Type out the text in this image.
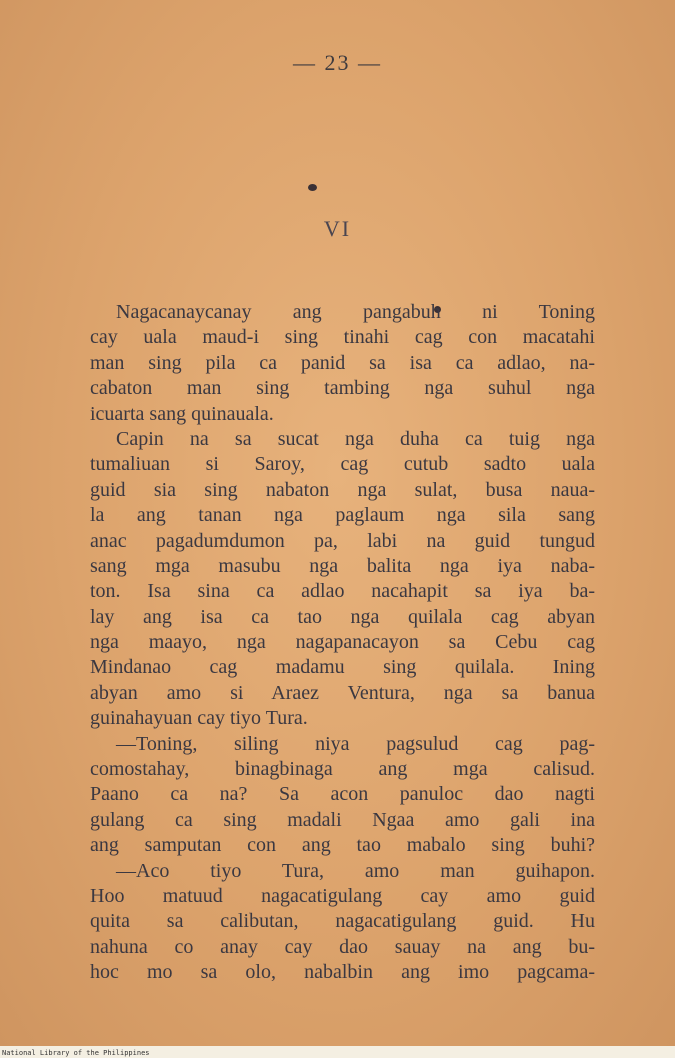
— 23 —
VI
Nagacanaycanay ang pangabuh ni Toning
cay uala maud-i sing tinahi cag con macatahi
man sing pila ca panid sa isa ca adlao, na-
cabaton man sing tambing nga suhul nga
icuarta sang quinauala.
Capin na sa sucat nga duha ca tuig nga
tumaliuan si Saroy, cag cutub sadto uala
guid sia sing nabaton nga sulat, busa naua-
la ang tanan nga paglaum nga sila sang
anac pagadumdumon pa, labi na guid tungud
sang mga masubu nga balita nga iya naba-
ton. Isa sina ca adlao nacahapit sa iya ba-
lay ang isa ca tao nga quilala cag abyan
nga maayo, nga nagapanacayon sa Cebu cag
Mindanao cag madamu sing quilala. Ining
abyan amo si Araez Ventura, nga sa banua
guinahayuan cay tiyo Tura.
—Toning, siling niya pagsulud cag pag-
comostahay, binagbinaga ang mga calisud.
Paano ca na? Sa acon panuloc dao nagti
gulang ca sing madali Ngaa amo gali ina
ang samputan con ang tao mabalo sing buhi?
—Aco tiyo Tura, amo man guihapon.
Hoo matuud nagacatigulang cay amo guid
quita sa calibutan, nagacatigulang guid. Hu
nahuna co anay cay dao sauay na ang bu-
hoc mo sa olo, nabalbin ang imo pagcama-
National Library of the Philippines
